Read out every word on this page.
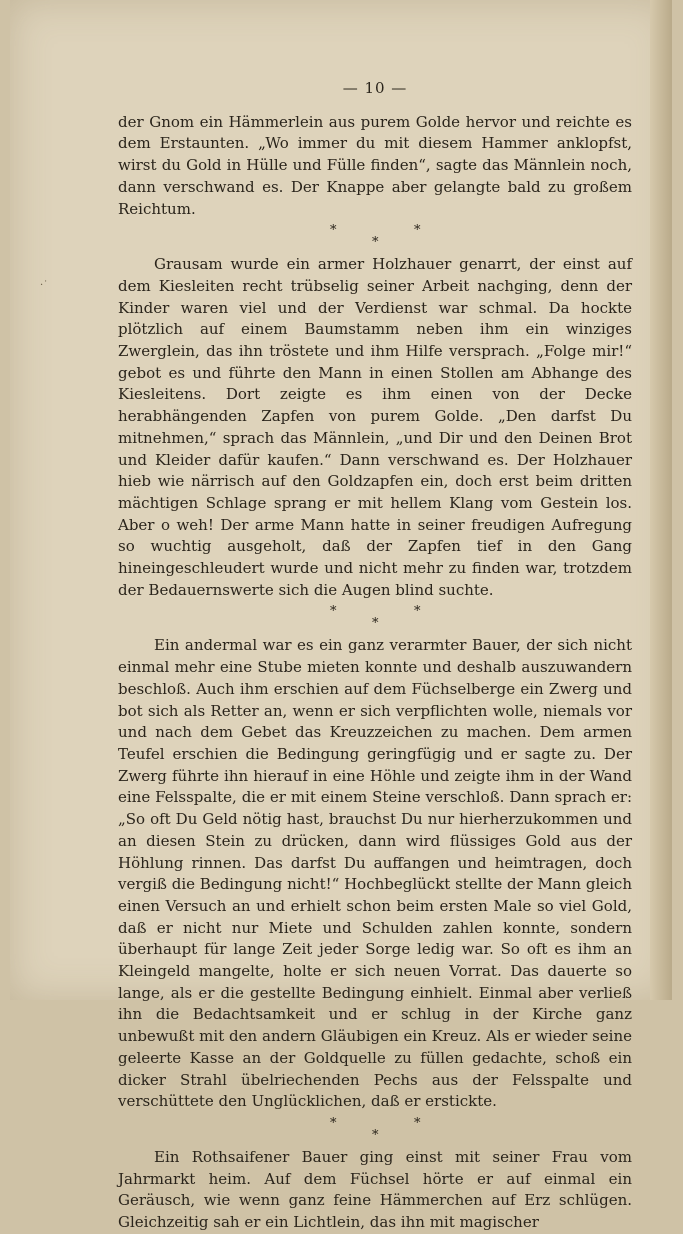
·˙
— 10 —

der Gnom ein Hämmerlein aus purem Golde hervor und reichte es dem Erstaunten. „Wo immer du mit diesem Hammer anklopfst, wirst du Gold in Hülle und Fülle finden“, sagte das Männlein noch, dann verschwand es. Der Knappe aber gelangte bald zu großem Reichtum.

*	*
*

Grausam wurde ein armer Holzhauer genarrt, der einst auf dem Kiesleiten recht trübselig seiner Arbeit nachging, denn der Kinder waren viel und der Verdienst war schmal. Da hockte plötzlich auf einem Baumstamm neben ihm ein winziges Zwerglein, das ihn tröstete und ihm Hilfe versprach. „Folge mir!“ gebot es und führte den Mann in einen Stollen am Abhange des Kiesleitens. Dort zeigte es ihm einen von der Decke herabhängenden Zapfen von purem Golde. „Den darfst Du mitnehmen,“ sprach das Männlein, „und Dir und den Deinen Brot und Kleider dafür kaufen.“ Dann verschwand es. Der Holzhauer hieb wie närrisch auf den Goldzapfen ein, doch erst beim dritten mächtigen Schlage sprang er mit hellem Klang vom Gestein los. Aber o weh! Der arme Mann hatte in seiner freudigen Aufregung so wuchtig ausgeholt, daß der Zapfen tief in den Gang hineingeschleudert wurde und nicht mehr zu finden war, trotzdem der Bedauernswerte sich die Augen blind suchte.

*	*
*

Ein andermal war es ein ganz verarmter Bauer, der sich nicht einmal mehr eine Stube mieten konnte und deshalb auszuwandern beschloß. Auch ihm erschien auf dem Füchselberge ein Zwerg und bot sich als Retter an, wenn er sich verpflichten wolle, niemals vor und nach dem Gebet das Kreuzzeichen zu machen. Dem armen Teufel erschien die Bedingung geringfügig und er sagte zu. Der Zwerg führte ihn hierauf in eine Höhle und zeigte ihm in der Wand eine Felsspalte, die er mit einem Steine verschloß. Dann sprach er: „So oft Du Geld nötig hast, brauchst Du nur hierherzukommen und an diesen Stein zu drücken, dann wird flüssiges Gold aus der Höhlung rinnen. Das darfst Du auffangen und heimtragen, doch vergiß die Bedingung nicht!“ Hochbeglückt stellte der Mann gleich einen Versuch an und erhielt schon beim ersten Male so viel Gold, daß er nicht nur Miete und Schulden zahlen konnte, sondern überhaupt für lange Zeit jeder Sorge ledig war. So oft es ihm an Kleingeld mangelte, holte er sich neuen Vorrat. Das dauerte so lange, als er die gestellte Bedingung einhielt. Einmal aber verließ ihn die Bedachtsamkeit und er schlug in der Kirche ganz unbewußt mit den andern Gläubigen ein Kreuz. Als er wieder seine geleerte Kasse an der Goldquelle zu füllen gedachte, schoß ein dicker Strahl übelriechenden Pechs aus der Felsspalte und verschüttete den Unglücklichen, daß er erstickte.

*	*
*

Ein Rothsaifener Bauer ging einst mit seiner Frau vom Jahrmarkt heim. Auf dem Füchsel hörte er auf einmal ein Geräusch, wie wenn ganz feine Hämmerchen auf Erz schlügen. Gleichzeitig sah er ein Lichtlein, das ihn mit magischer
